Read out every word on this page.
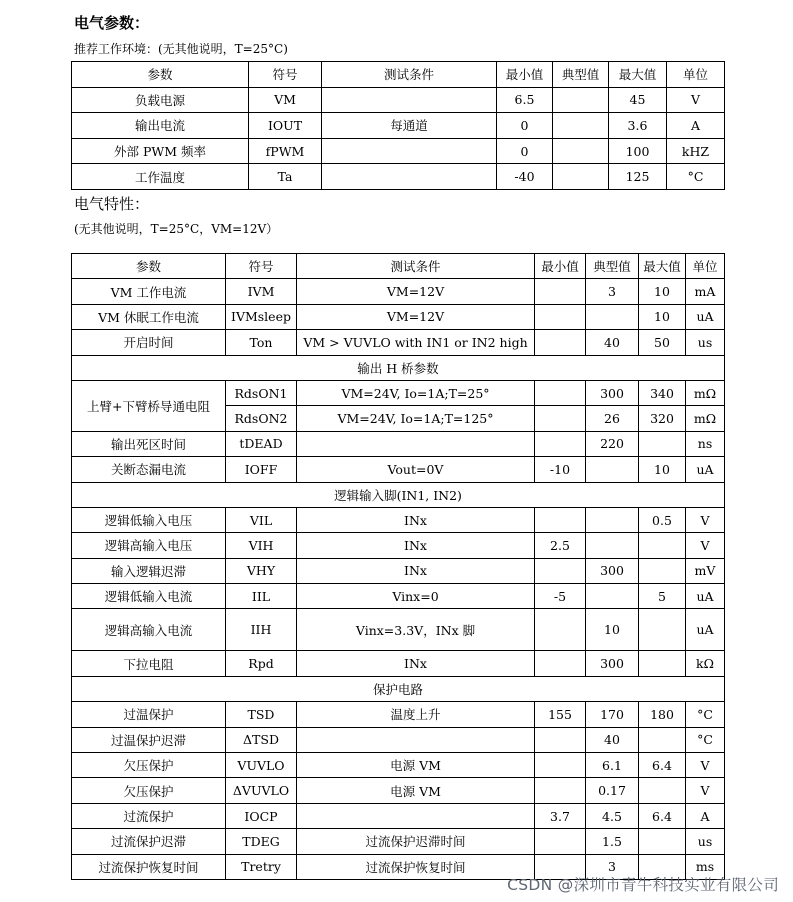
电气参数：
推荐工作环境：(无其他说明，T=25°C)
参数	符号	测试条件	最小值	典型值	最大值	单位
负载电源	VM		6.5		45	V
输出电流	IOUT	每通道	0		3.6	A
外部 PWM 频率	fPWM		0		100	kHZ
工作温度	Ta		-40		125	°C
电气特性：
(无其他说明，T=25°C，VM=12V）
参数	符号	测试条件	最小值	典型值	最大值	单位
VM 工作电流	IVM	VM=12V		3	10	mA
VM 休眠工作电流	IVMsleep	VM=12V			10	uA
开启时间	Ton	VM > VUVLO with IN1 or IN2 high		40	50	us
输出 H 桥参数						
上臂+下臂桥导通电阻	RdsON1	VM=24V, Io=1A;T=25°		300	340	mΩ
	RdsON2	VM=24V, Io=1A;T=125°		26	320	mΩ
输出死区时间	tDEAD			220		ns
关断态漏电流	IOFF	Vout=0V	-10		10	uA
逻辑输入脚(IN1, IN2)						
逻辑低输入电压	VIL	INx			0.5	V
逻辑高输入电压	VIH	INx	2.5			V
输入逻辑迟滞	VHY	INx		300		mV
逻辑低输入电流	IIL	Vinx=0	-5		5	uA
逻辑高输入电流	IIH	Vinx=3.3V，INx 脚		10		uA
下拉电阻	Rpd	INx		300		kΩ
保护电路						
过温保护	TSD	温度上升	155	170	180	°C
过温保护迟滞	ΔTSD			40		°C
欠压保护	VUVLO	电源 VM		6.1	6.4	V
欠压保护	ΔVUVLO	电源 VM		0.17		V
过流保护	IOCP		3.7	4.5	6.4	A
过流保护迟滞	TDEG	过流保护迟滞时间		1.5		us
过流保护恢复时间	Tretry	过流保护恢复时间		3		ms
CSDN @深圳市青牛科技实业有限公司
